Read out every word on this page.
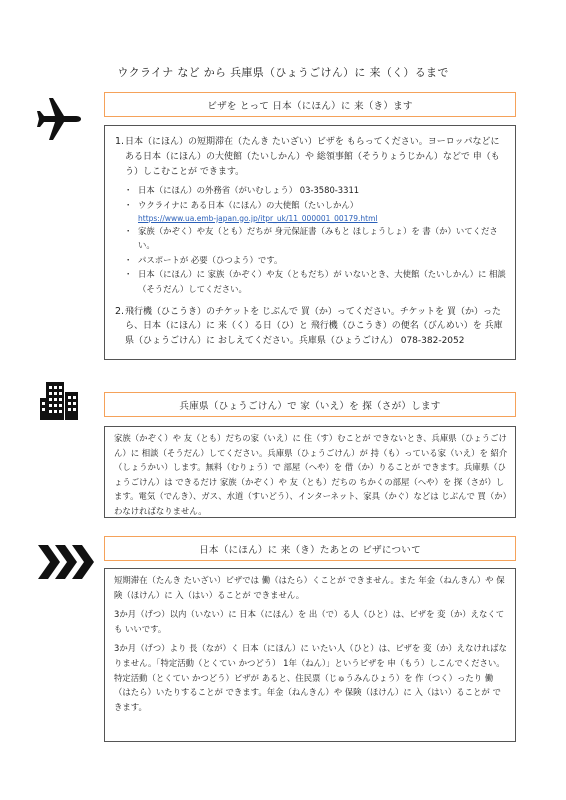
ウクライナ など から 兵庫県（ひょうごけん）に 来（く）るまで
ビザを とって 日本（にほん）に 来（き）ます
1. 日本（にほん）の短期滞在（たんき たいざい）ビザを もらってください。ヨーロッパなどに ある日本（にほん）の大使館（たいしかん）や 総領事館（そうりょうじかん）などで 申（もう）しこむことが できます。
・ 日本（にほん）の外務省（がいむしょう） 03-3580-3311
・ ウクライナに ある日本（にほん）の大使館（たいしかん）
https://www.ua.emb-japan.go.jp/itpr_uk/11_000001_00179.html
・ 家族（かぞく）や友（とも）だちが 身元保証書（みもと ほしょうしょ）を 書（か）いてください。
・ パスポートが 必要（ひつよう）です。
・ 日本（にほん）に 家族（かぞく）や友（ともだち）が いないとき、大使館（たいしかん）に 相談（そうだん）してください。
2. 飛行機（ひこうき）のチケットを じぶんで 買（か）ってください。チケットを 買（か）ったら、日本（にほん）に 来（く）る日（ひ）と 飛行機（ひこうき）の便名（びんめい）を 兵庫県（ひょうごけん）に おしえてください。兵庫県（ひょうごけん） 078-382-2052
兵庫県（ひょうごけん）で 家（いえ）を 探（さが）します
家族（かぞく）や 友（とも）だちの家（いえ）に 住（す）むことが できないとき、兵庫県（ひょうごけん）に 相談（そうだん）してください。兵庫県（ひょうごけん）が 持（も）っている家（いえ）を 紹介（しょうかい）します。無料（むりょう）で 部屋（へや）を 借（か）りることが できます。兵庫県（ひょうごけん）は できるだけ 家族（かぞく）や 友（とも）だちの ちかくの部屋（へや）を 探（さが）します。電気（でんき）、ガス、水道（すいどう）、インターネット、家具（かぐ）などは じぶんで 買（か）わなければなりません。
日本（にほん）に 来（き）たあとの ビザについて

短期滞在（たんき たいざい）ビザでは 働（はたら）くことが できません。また 年金（ねんきん）や 保険（ほけん）に 入（はい）ることが できません。

3か月（げつ）以内（いない）に 日本（にほん）を 出（で）る人（ひと）は、ビザを 変（か）えなくても いいです。

3か月（げつ）より 長（なが）く 日本（にほん）に いたい人（ひと）は、ビザを 変（か）えなければなりません。「特定活動（とくてい かつどう） 1年（ねん）」というビザを 申（もう）しこんでください。特定活動（とくてい かつどう）ビザが あると、住民票（じゅうみんひょう）を 作（つく）ったり 働（はたら）いたりすることが できます。年金（ねんきん）や 保険（ほけん）に 入（はい）ることが できます。
